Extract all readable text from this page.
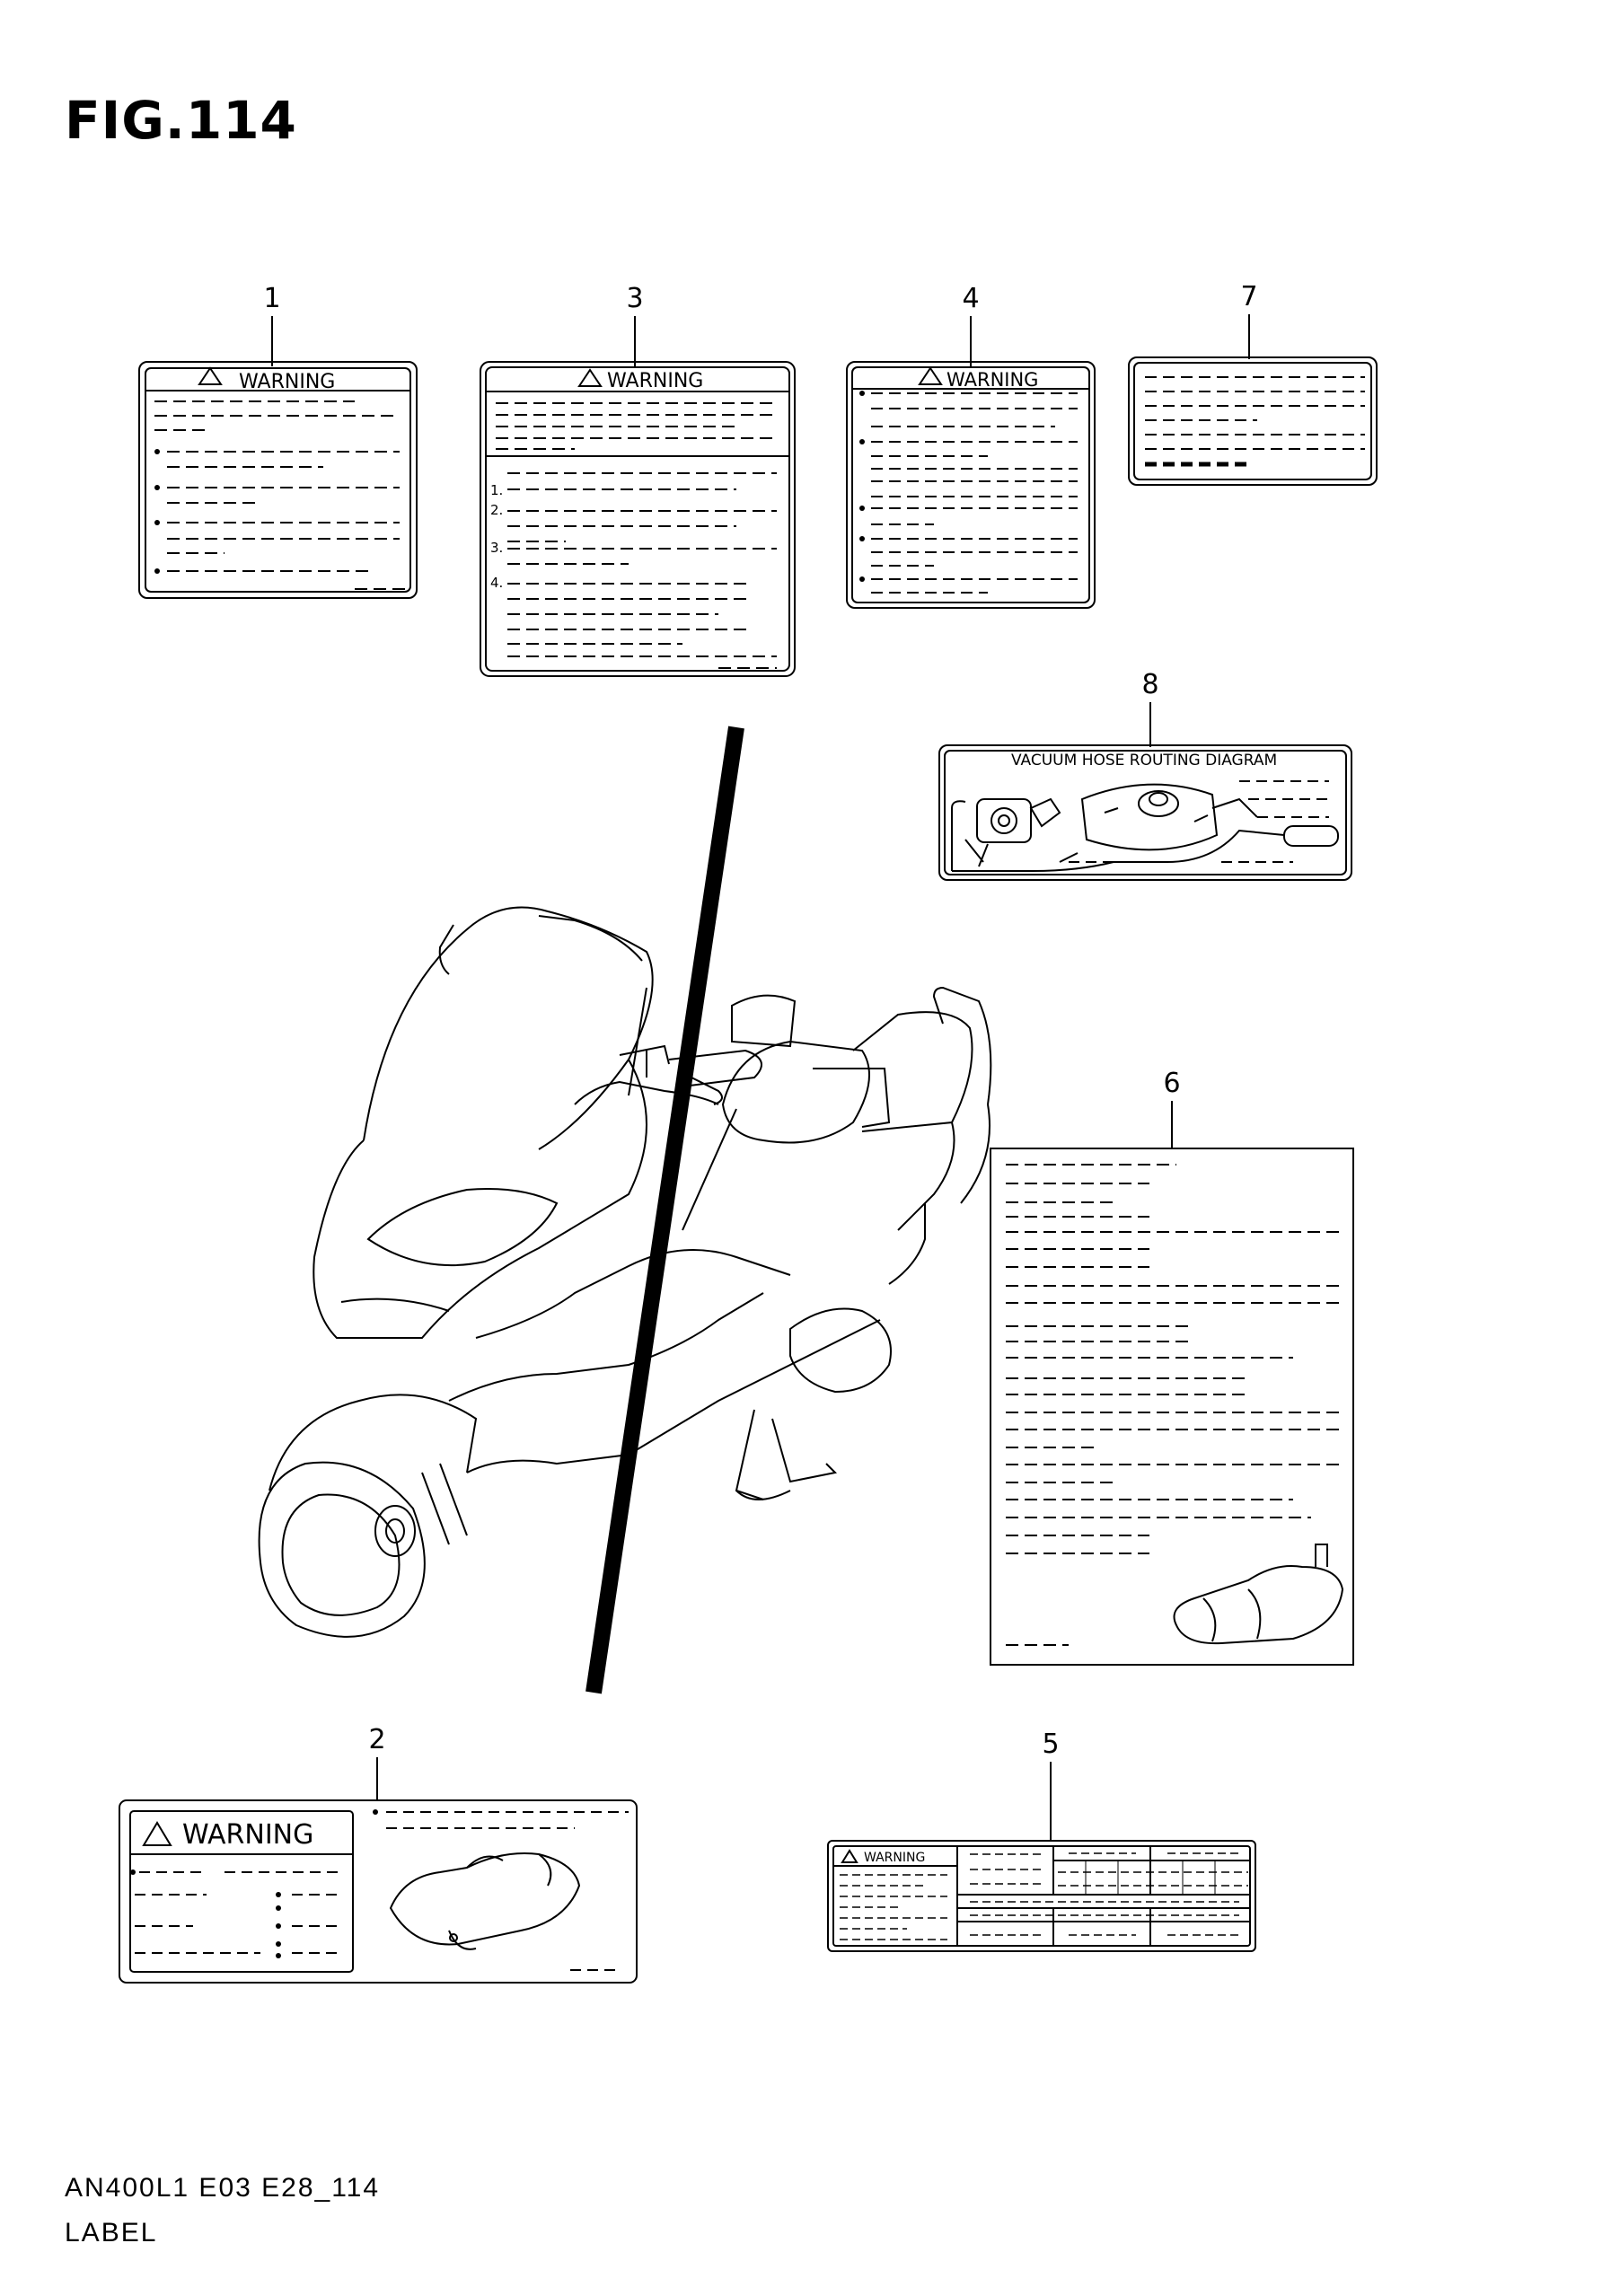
FIG.114
1	3	4	7
8
6
2	5
WARNING	WARNING
1.
2.
3.
4.
WARNING
VACUUM HOSE ROUTING DIAGRAM
WARNING
WARNING
AN400L1 E03 E28_114
LABEL
